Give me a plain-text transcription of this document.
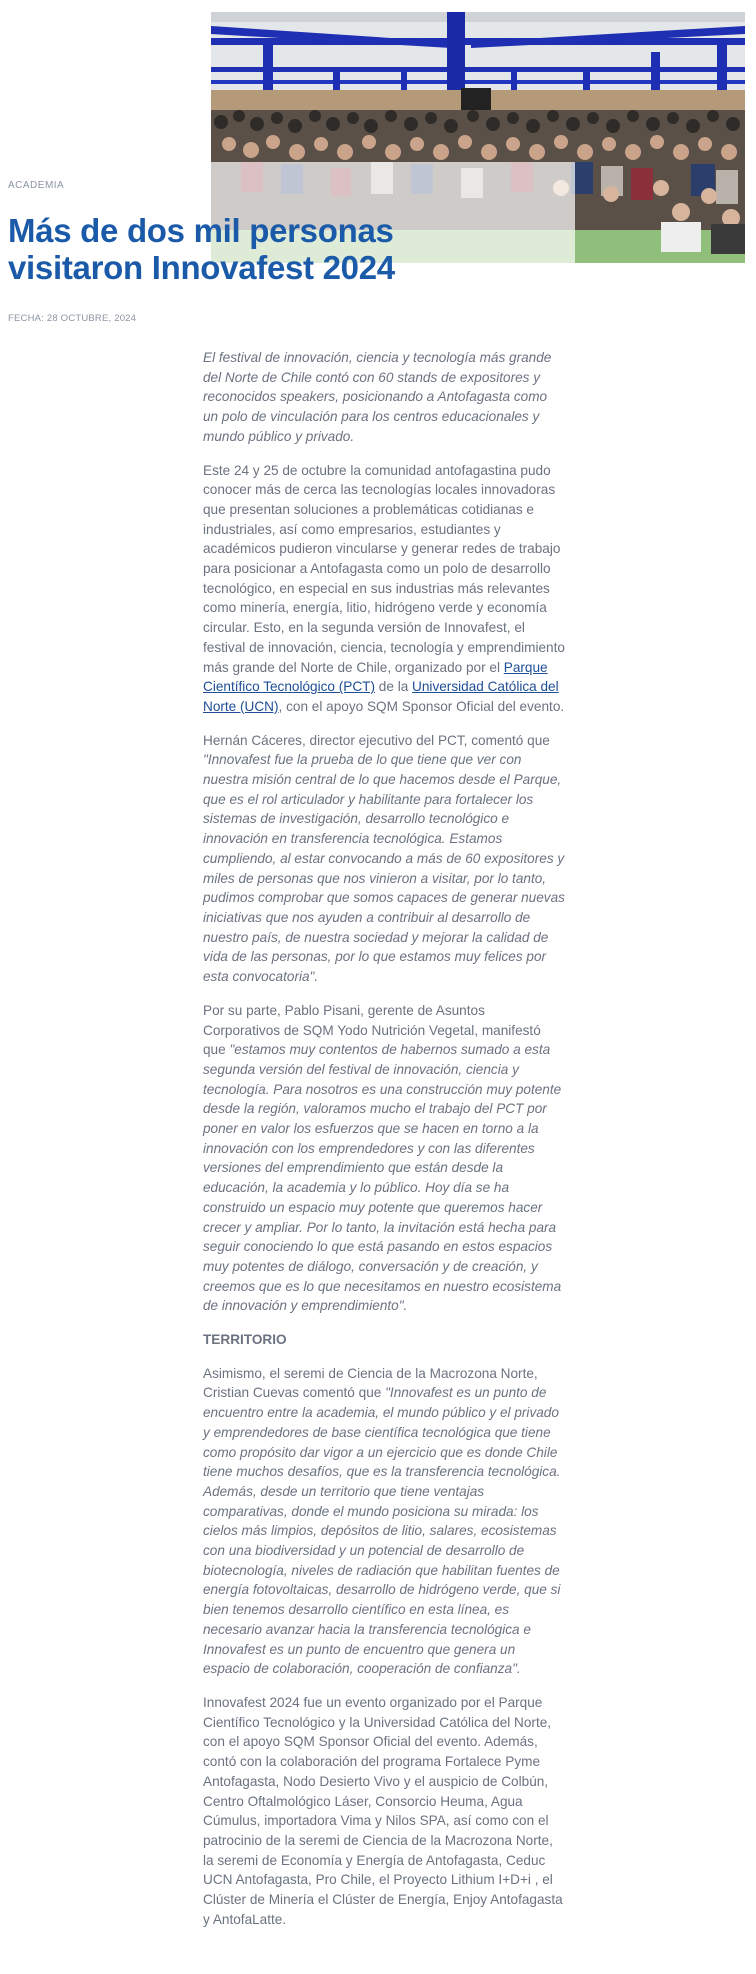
ACADEMIA
Más de dos mil personas visitaron Innovafest 2024
FECHA: 28 OCTUBRE, 2024

El festival de innovación, ciencia y tecnología más grande del Norte de Chile contó con 60 stands de expositores y reconocidos speakers, posicionando a Antofagasta como un polo de vinculación para los centros educacionales y mundo público y privado.

Este 24 y 25 de octubre la comunidad antofagastina pudo conocer más de cerca las tecnologías locales innovadoras que presentan soluciones a problemáticas cotidianas e industriales, así como empresarios, estudiantes y académicos pudieron vincularse y generar redes de trabajo para posicionar a Antofagasta como un polo de desarrollo tecnológico, en especial en sus industrias más relevantes como minería, energía, litio, hidrógeno verde y economía circular. Esto, en la segunda versión de Innovafest, el festival de innovación, ciencia, tecnología y emprendimiento más grande del Norte de Chile, organizado por el Parque Científico Tecnológico (PCT) de la Universidad Católica del Norte (UCN), con el apoyo SQM Sponsor Oficial del evento.

Hernán Cáceres, director ejecutivo del PCT, comentó que "Innovafest fue la prueba de lo que tiene que ver con nuestra misión central de lo que hacemos desde el Parque, que es el rol articulador y habilitante para fortalecer los sistemas de investigación, desarrollo tecnológico e innovación en transferencia tecnológica. Estamos cumpliendo, al estar convocando a más de 60 expositores y miles de personas que nos vinieron a visitar, por lo tanto, pudimos comprobar que somos capaces de generar nuevas iniciativas que nos ayuden a contribuir al desarrollo de nuestro país, de nuestra sociedad y mejorar la calidad de vida de las personas, por lo que estamos muy felices por esta convocatoria".

Por su parte, Pablo Pisani, gerente de Asuntos Corporativos de SQM Yodo Nutrición Vegetal, manifestó que "estamos muy contentos de habernos sumado a esta segunda versión del festival de innovación, ciencia y tecnología. Para nosotros es una construcción muy potente desde la región, valoramos mucho el trabajo del PCT por poner en valor los esfuerzos que se hacen en torno a la innovación con los emprendedores y con las diferentes versiones del emprendimiento que están desde la educación, la academia y lo público. Hoy día se ha construido un espacio muy potente que queremos hacer crecer y ampliar. Por lo tanto, la invitación está hecha para seguir conociendo lo que está pasando en estos espacios muy potentes de diálogo, conversación y de creación, y creemos que es lo que necesitamos en nuestro ecosistema de innovación y emprendimiento".

TERRITORIO

Asimismo, el seremi de Ciencia de la Macrozona Norte, Cristian Cuevas comentó que "Innovafest es un punto de encuentro entre la academia, el mundo público y el privado y emprendedores de base científica tecnológica que tiene como propósito dar vigor a un ejercicio que es donde Chile tiene muchos desafíos, que es la transferencia tecnológica. Además, desde un territorio que tiene ventajas comparativas, donde el mundo posiciona su mirada: los cielos más limpios, depósitos de litio, salares, ecosistemas con una biodiversidad y un potencial de desarrollo de biotecnología, niveles de radiación que habilitan fuentes de energía fotovoltaicas, desarrollo de hidrógeno verde, que si bien tenemos desarrollo científico en esta línea, es necesario avanzar hacia la transferencia tecnológica e Innovafest es un punto de encuentro que genera un espacio de colaboración, cooperación de confianza".

Innovafest 2024 fue un evento organizado por el Parque Científico Tecnológico y la Universidad Católica del Norte, con el apoyo SQM Sponsor Oficial del evento. Además, contó con la colaboración del programa Fortalece Pyme Antofagasta, Nodo Desierto Vivo y el auspicio de Colbún, Centro Oftalmológico Láser, Consorcio Heuma, Agua Cúmulus, importadora Vima y Nilos SPA, así como con el patrocinio de la seremi de Ciencia de la Macrozona Norte, la seremi de Economía y Energía de Antofagasta, Ceduc UCN Antofagasta, Pro Chile, el Proyecto Lithium I+D+i , el Clúster de Minería el Clúster de Energía, Enjoy Antofagasta y AntofaLatte.
